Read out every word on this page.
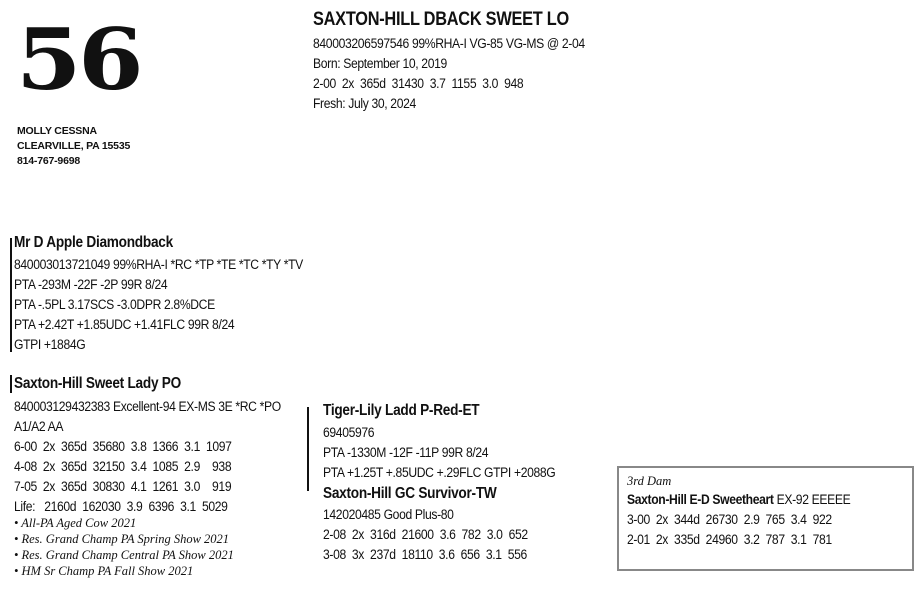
56
MOLLY CESSNA
CLEARVILLE, PA 15535
814-767-9698
SAXTON-HILL DBACK SWEET LO
840003206597546 99%RHA-I VG-85 VG-MS @ 2-04
Born: September 10, 2019
2-00  2x  365d  31430  3.7  1155  3.0  948
Fresh: July 30, 2024
Mr D Apple Diamondback
840003013721049 99%RHA-I *RC *TP *TE *TC *TY *TV
PTA -293M -22F -2P 99R 8/24
PTA -.5PL 3.17SCS -3.0DPR 2.8%DCE
PTA +2.42T +1.85UDC +1.41FLC 99R 8/24
GTPI +1884G
Saxton-Hill Sweet Lady PO
840003129432383 Excellent-94 EX-MS 3E *RC *PO
A1/A2 AA
6-00  2x  365d  35680  3.8  1366  3.1  1097
4-08  2x  365d  32150  3.4  1085  2.9    938
7-05  2x  365d  30830  4.1  1261  3.0    919
Life:   2160d  162030  3.9  6396  3.1  5029
• All-PA Aged Cow 2021
• Res. Grand Champ PA Spring Show 2021
• Res. Grand Champ Central PA Show 2021
• HM Sr Champ PA Fall Show 2021
Tiger-Lily Ladd P-Red-ET
69405976
PTA -1330M -12F -11P 99R 8/24
PTA +1.25T +.85UDC +.29FLC GTPI +2088G
Saxton-Hill GC Survivor-TW
142020485 Good Plus-80
2-08  2x  316d  21600  3.6  782  3.0  652
3-08  3x  237d  18110  3.6  656  3.1  556
3rd Dam
Saxton-Hill E-D Sweetheart EX-92 EEEEE
3-00  2x  344d  26730  2.9  765  3.4  922
2-01  2x  335d  24960  3.2  787  3.1  781
